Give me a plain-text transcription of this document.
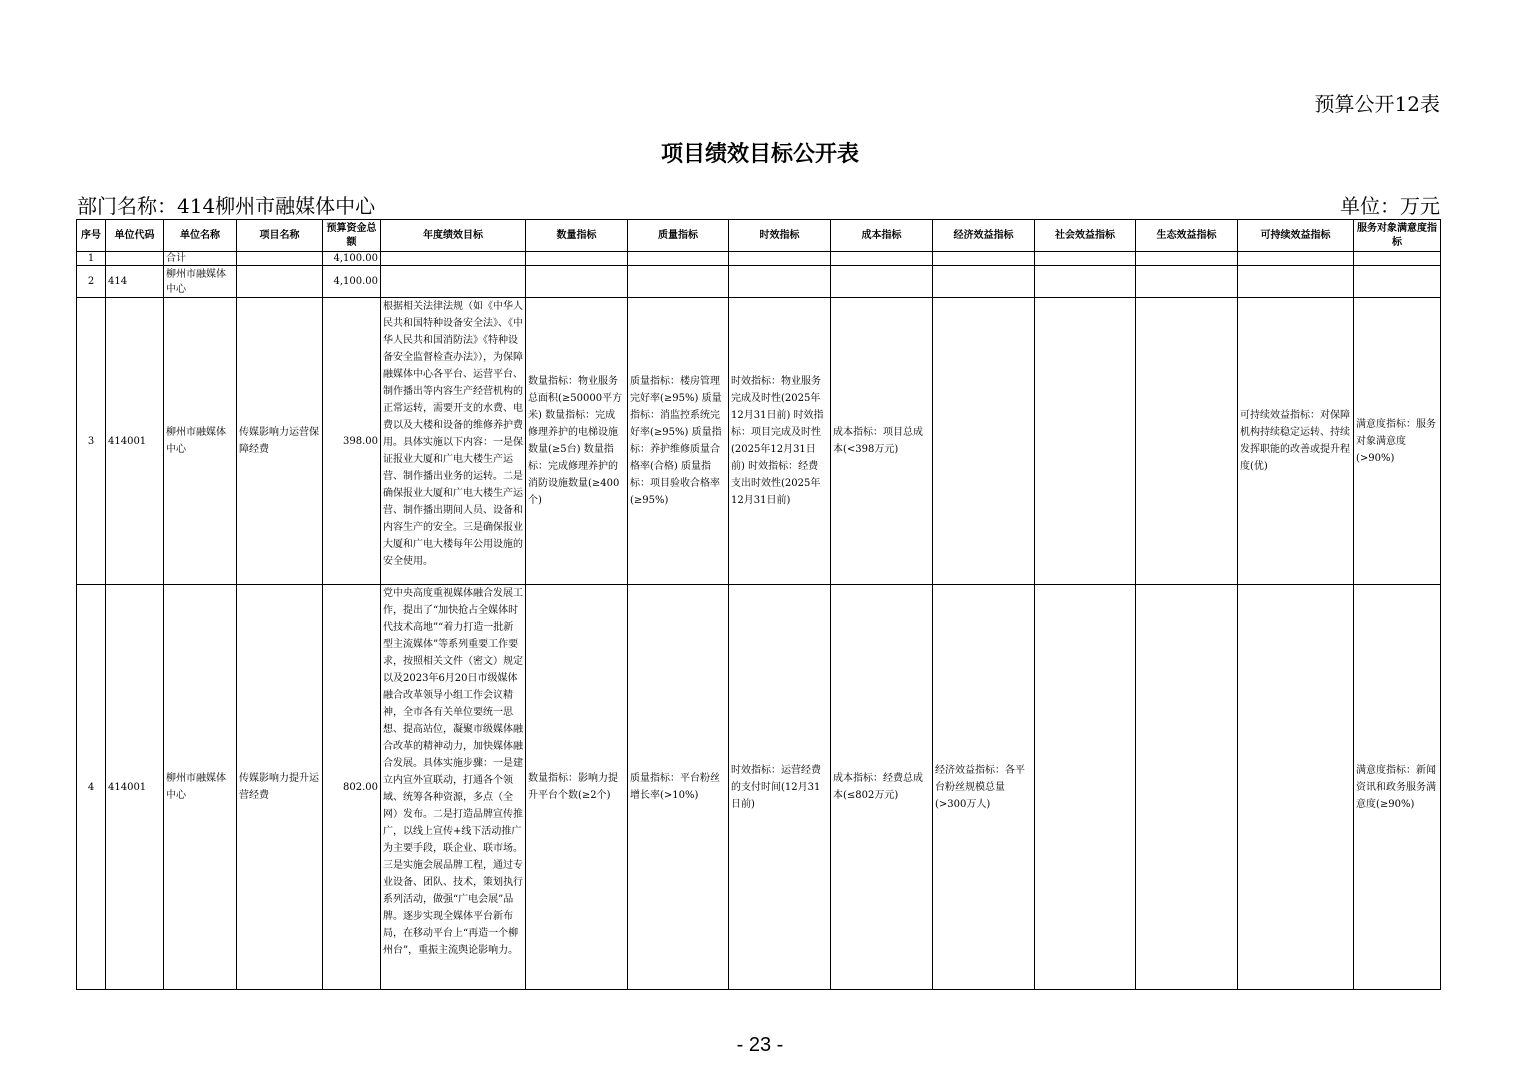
预算公开12表
项目绩效目标公开表
部门名称：414柳州市融媒体中心	单位：万元
序号	单位代码	单位名称	项目名称	预算资金总额	年度绩效目标	数量指标	质量指标	时效指标	成本指标	经济效益指标	社会效益指标	生态效益指标	可持续效益指标	服务对象满意度指标
1		合计		4,100.00										
2	414	柳州市融媒体中心		4,100.00										
3	414001	柳州市融媒体中心	传媒影响力运营保障经费	398.00	根据相关法律法规（如《中华人民共和国特种设备安全法》、《中华人民共和国消防法》《特种设备安全监督检查办法》），为保障融媒体中心各平台、运营平台、制作播出等内容生产经营机构的正常运转，需要开支的水费、电费以及大楼和设备的维修养护费用。具体实施以下内容：一是保证报业大厦和广电大楼生产运营、制作播出业务的运转。二是确保报业大厦和广电大楼生产运营、制作播出期间人员、设备和内容生产的安全。三是确保报业大厦和广电大楼每年公用设施的安全使用。	数量指标：物业服务总面积(≥50000平方米) 数量指标：完成修理养护的电梯设施数量(≥5台) 数量指标：完成修理养护的消防设施数量(≥400个)	质量指标：楼房管理完好率(≥95%) 质量指标：消监控系统完好率(≥95%) 质量指标：养护维修质量合格率(合格) 质量指标：项目验收合格率(≥95%)	时效指标：物业服务完成及时性(2025年12月31日前) 时效指标：项目完成及时性(2025年12月31日前) 时效指标：经费支出时效性(2025年12月31日前)	成本指标：项目总成本(<398万元)				可持续效益指标：对保障机构持续稳定运转、持续发挥职能的改善或提升程度(优)	满意度指标：服务对象满意度(>90%)
4	414001	柳州市融媒体中心	传媒影响力提升运营经费	802.00	党中央高度重视媒体融合发展工作，提出了“加快抢占全媒体时代技术高地”“着力打造一批新型主流媒体”等系列重要工作要求，按照相关文件（密文）规定以及2023年6月20日市级媒体融合改革领导小组工作会议精神，全市各有关单位要统一思想、提高站位，凝聚市级媒体融合改革的精神动力，加快媒体融合发展。具体实施步骤：一是建立内宣外宣联动，打通各个领域、统筹各种资源，多点（全网）发布。二是打造品牌宣传推广，以线上宣传+线下活动推广为主要手段，联企业、联市场。三是实施会展品牌工程，通过专业设备、团队、技术，策划执行系列活动，做强“广电会展”品牌。逐步实现全媒体平台新布局，在移动平台上“再造一个柳州台”，重振主流舆论影响力。	数量指标：影响力提升平台个数(≥2个)	质量指标：平台粉丝增长率(>10%)	时效指标：运营经费的支付时间(12月31日前)	成本指标：经费总成本(≤802万元)	经济效益指标：各平台粉丝规模总量(>300万人)				满意度指标：新闻资讯和政务服务满意度(≥90%)
- 23 -
